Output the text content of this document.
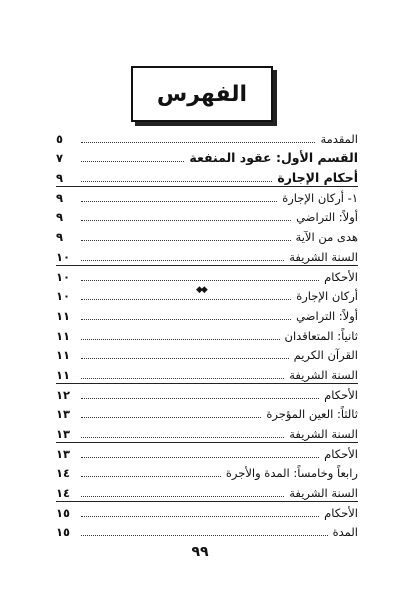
الفهرس
المقدمة
٥
القسم الأول: عقود المنفعة
٧
أحكام الإجارة
٩
١- أركان الإجارة
٩
أولاً: التراضي
٩
هدى من الآية
٩
السنة الشريفة
١٠
الأحكام
١٠
أركان الإجارة
١٠
أولاً: التراضي
١١
ثانياً: المتعاقدان
١١
القرآن الكريم
١١
السنة الشريفة
١١
الأحكام
١٢
ثالثاً: العين المؤجرة
١٣
السنة الشريفة
١٣
الأحكام
١٣
رابعاً وخامساً: المدة والأجرة
١٤
السنة الشريفة
١٤
الأحكام
١٥
المدة
١٥
◆◆
٩٩
